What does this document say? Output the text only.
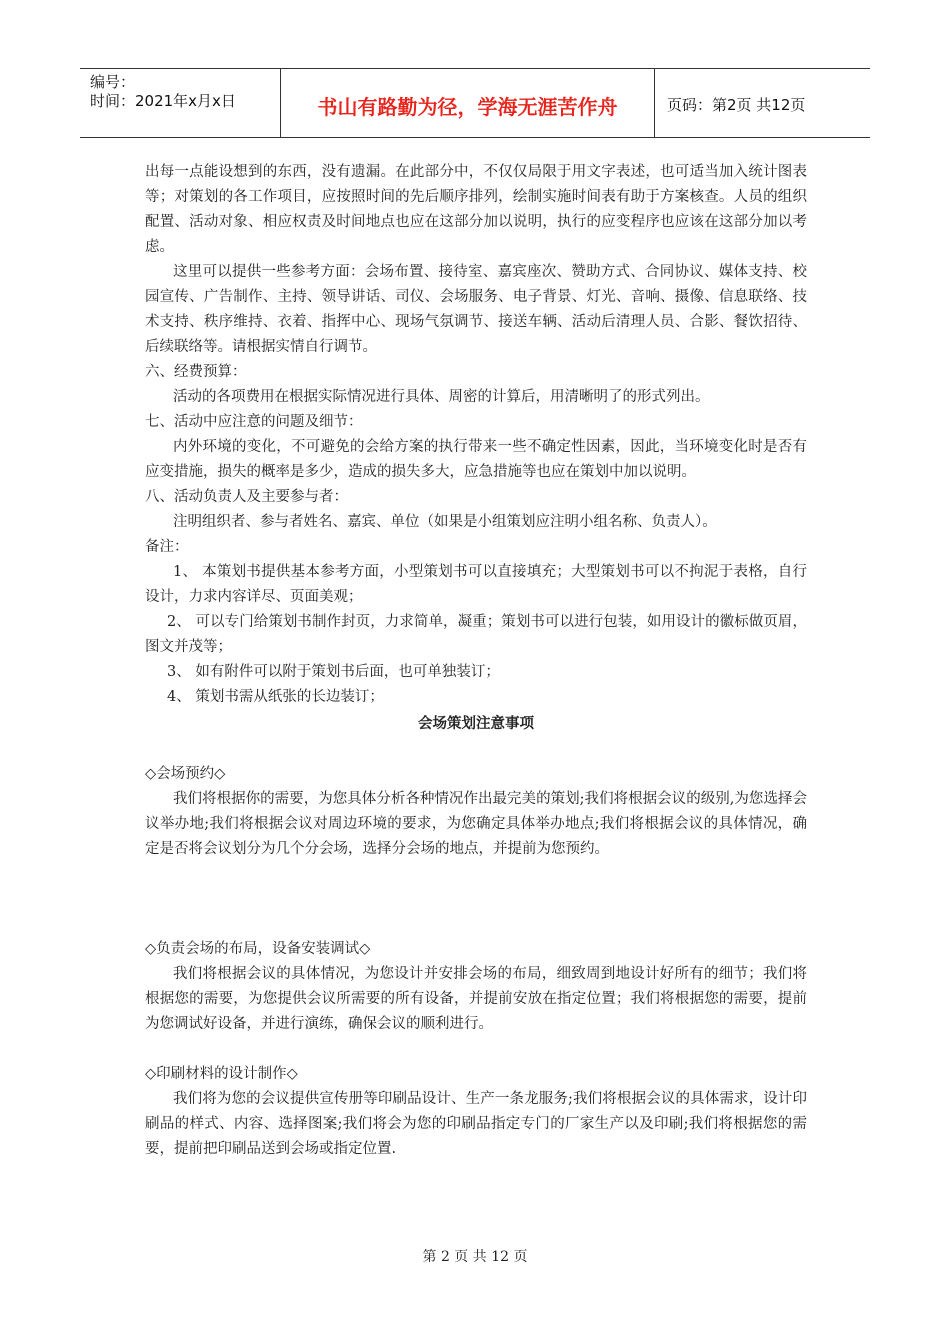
编号：
时间：2021年x月x日	书山有路勤为径，学海无涯苦作舟	页码：第2页 共12页

出每一点能设想到的东西，没有遗漏。在此部分中，不仅仅局限于用文字表述，也可适当加入统计图表等；对策划的各工作项目，应按照时间的先后顺序排列，绘制实施时间表有助于方案核查。人员的组织配置、活动对象、相应权责及时间地点也应在这部分加以说明，执行的应变程序也应该在这部分加以考虑。

这里可以提供一些参考方面：会场布置、接待室、嘉宾座次、赞助方式、合同协议、媒体支持、校园宣传、广告制作、主持、领导讲话、司仪、会场服务、电子背景、灯光、音响、摄像、信息联络、技术支持、秩序维持、衣着、指挥中心、现场气氛调节、接送车辆、活动后清理人员、合影、餐饮招待、后续联络等。请根据实情自行调节。

六、经费预算：

活动的各项费用在根据实际情况进行具体、周密的计算后，用清晰明了的形式列出。

七、活动中应注意的问题及细节：

内外环境的变化，不可避免的会给方案的执行带来一些不确定性因素，因此，当环境变化时是否有应变措施，损失的概率是多少，造成的损失多大，应急措施等也应在策划中加以说明。

八、活动负责人及主要参与者：

注明组织者、参与者姓名、嘉宾、单位（如果是小组策划应注明小组名称、负责人）。

备注：

1、 本策划书提供基本参考方面，小型策划书可以直接填充；大型策划书可以不拘泥于表格，自行设计，力求内容详尽、页面美观；

2、 可以专门给策划书制作封页，力求简单，凝重；策划书可以进行包装，如用设计的徽标做页眉，图文并茂等；

3、 如有附件可以附于策划书后面，也可单独装订；

4、 策划书需从纸张的长边装订；

会场策划注意事项

◇会场预约◇

我们将根据你的需要，为您具体分析各种情况作出最完美的策划;我们将根据会议的级别,为您选择会议举办地;我们将根据会议对周边环境的要求，为您确定具体举办地点;我们将根据会议的具体情况，确定是否将会议划分为几个分会场，选择分会场的地点，并提前为您预约。

◇负责会场的布局，设备安装调试◇

我们将根据会议的具体情况，为您设计并安排会场的布局，细致周到地设计好所有的细节；我们将根据您的需要，为您提供会议所需要的所有设备，并提前安放在指定位置；我们将根据您的需要，提前为您调试好设备，并进行演练，确保会议的顺利进行。

◇印刷材料的设计制作◇

我们将为您的会议提供宣传册等印刷品设计、生产一条龙服务;我们将根据会议的具体需求，设计印刷品的样式、内容、选择图案;我们将会为您的印刷品指定专门的厂家生产以及印刷;我们将根据您的需要，提前把印刷品送到会场或指定位置.

第 2 页 共 12 页
